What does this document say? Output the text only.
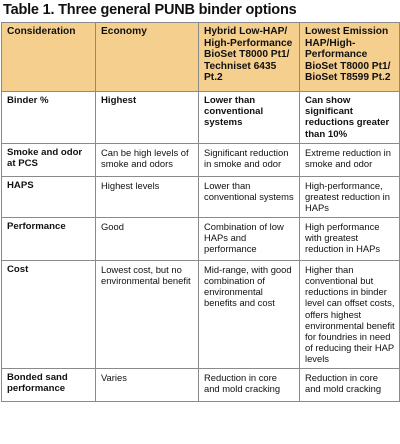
Table 1. Three general PUNB binder options
Consideration	Economy	Hybrid Low-HAP/ High-Performance BioSet T8000 Pt1/ Techniset 6435 Pt.2	Lowest Emission HAP/High-Performance BioSet T8000 Pt1/ BioSet T8599 Pt.2
Binder %	Highest	Lower than conventional systems	Can show significant reductions greater than 10%
Smoke and odor at PCS	Can be high levels of smoke and odors	Significant reduction in smoke and odor	Extreme reduction in smoke and odor
HAPS	Highest levels	Lower than conventional systems	High-performance, greatest reduction in HAPs
Performance	Good	Combination of low HAPs and performance	High performance with greatest reduction in HAPs
Cost	Lowest cost, but no environmental benefit	Mid-range, with good combination of environmental benefits and cost	Higher than conventional but reductions in binder level can offset costs, offers highest environmental benefit for foundries in need of reducing their HAP levels
Bonded sand performance	Varies	Reduction in core and mold cracking	Reduction in core and mold cracking
